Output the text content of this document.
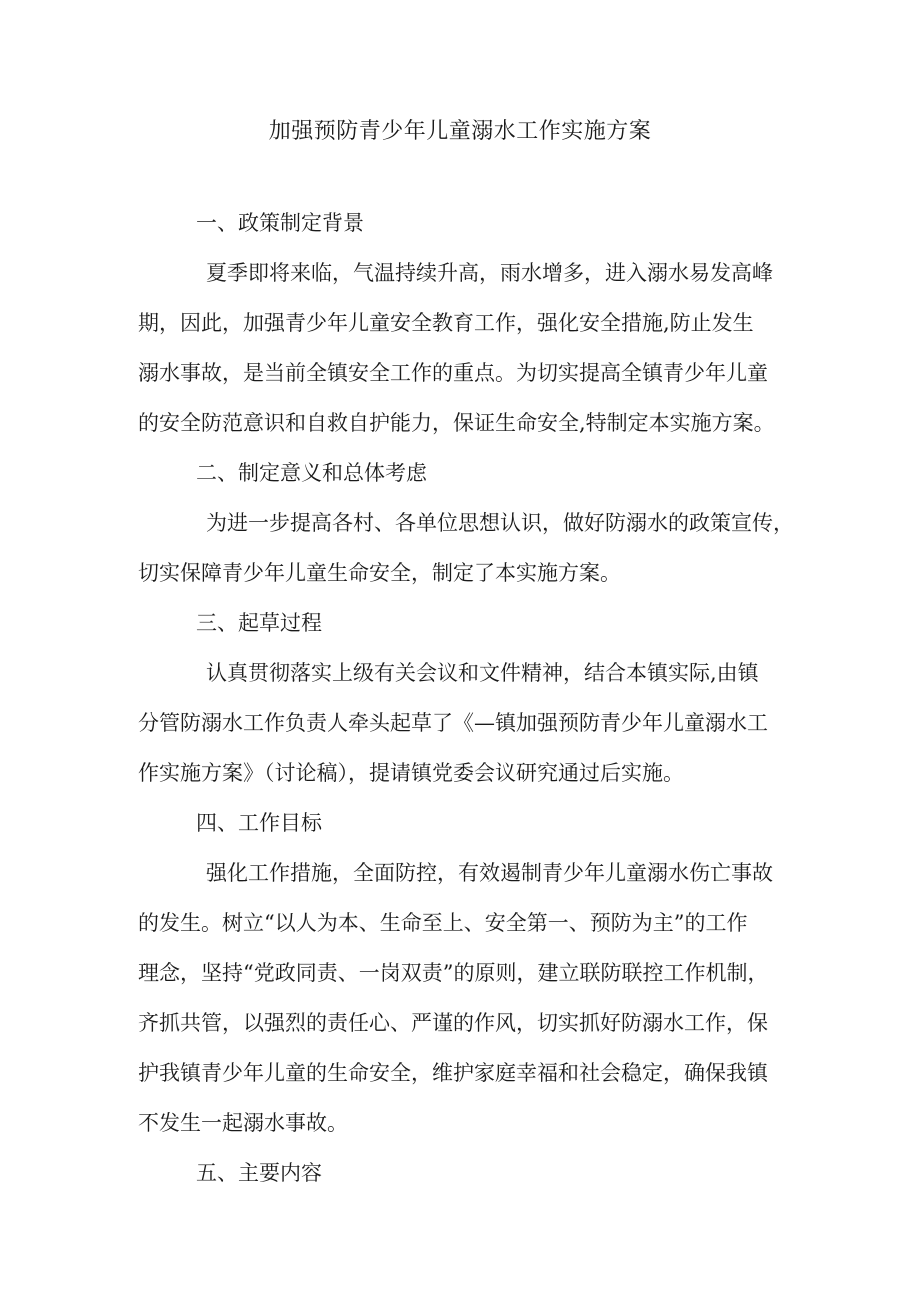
加强预防青少年儿童溺水工作实施方案
一、政策制定背景
夏季即将来临，气温持续升高，雨水增多，进入溺水易发高峰
期，因此，加强青少年儿童安全教育工作，强化安全措施,防止发生
溺水事故，是当前全镇安全工作的重点。为切实提高全镇青少年儿童
的安全防范意识和自救自护能力，保证生命安全,特制定本实施方案。
二、制定意义和总体考虑
为进一步提高各村、各单位思想认识，做好防溺水的政策宣传，
切实保障青少年儿童生命安全，制定了本实施方案。
三、起草过程
认真贯彻落实上级有关会议和文件精神，结合本镇实际,由镇
分管防溺水工作负责人牵头起草了《—镇加强预防青少年儿童溺水工
作实施方案》（讨论稿），提请镇党委会议研究通过后实施。
四、工作目标
强化工作措施，全面防控，有效遏制青少年儿童溺水伤亡事故
的发生。树立“以人为本、生命至上、安全第一、预防为主”的工作
理念，坚持“党政同责、一岗双责”的原则，建立联防联控工作机制，
齐抓共管，以强烈的责任心、严谨的作风，切实抓好防溺水工作，保
护我镇青少年儿童的生命安全，维护家庭幸福和社会稳定，确保我镇
不发生一起溺水事故。
五、主要内容
